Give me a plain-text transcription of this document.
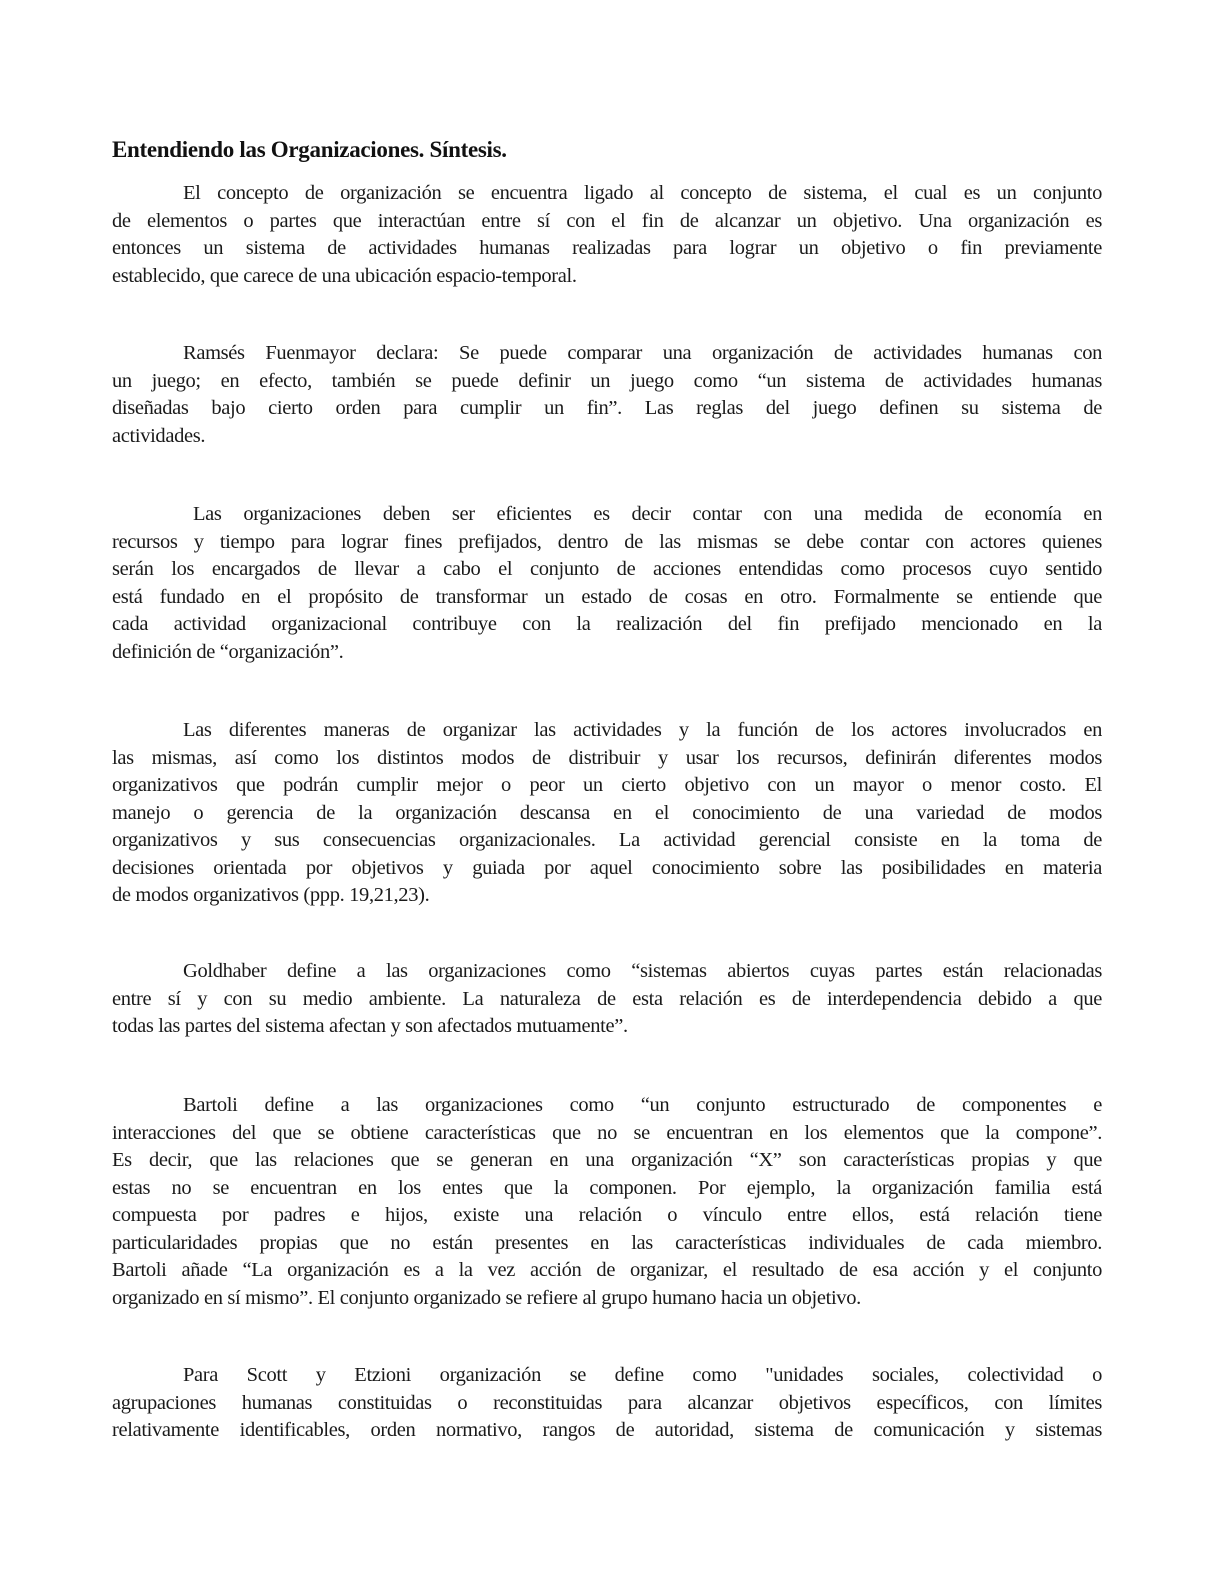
Entendiendo las Organizaciones. Síntesis.
El concepto de organización se encuentra ligado al concepto de sistema, el cual es un conjunto
de elementos o partes que interactúan entre sí con el fin de alcanzar un objetivo. Una organización es
entonces un sistema de actividades humanas realizadas para lograr un objetivo o fin previamente
establecido, que carece de una ubicación espacio-temporal.
Ramsés Fuenmayor declara: Se puede comparar una organización de actividades humanas con
un juego; en efecto, también se puede definir un juego como “un sistema de actividades humanas
diseñadas bajo cierto orden para cumplir un fin”. Las reglas del juego definen su sistema de
actividades.
Las organizaciones deben ser eficientes es decir contar con una medida de economía en
recursos y tiempo para lograr fines prefijados, dentro de las mismas se debe contar con actores quienes
serán los encargados de llevar a cabo el conjunto de acciones entendidas como procesos cuyo sentido
está fundado en el propósito de transformar un estado de cosas en otro. Formalmente se entiende que
cada actividad organizacional contribuye con la realización del fin prefijado mencionado en la
definición de “organización”.
Las diferentes maneras de organizar las actividades y la función de los actores involucrados en
las mismas, así como los distintos modos de distribuir y usar los recursos, definirán diferentes modos
organizativos que podrán cumplir mejor o peor un cierto objetivo con un mayor o menor costo. El
manejo o gerencia de la organización descansa en el conocimiento de una variedad de modos
organizativos y sus consecuencias organizacionales. La actividad gerencial consiste en la toma de
decisiones orientada por objetivos y guiada por aquel conocimiento sobre las posibilidades en materia
de modos organizativos (ppp. 19,21,23).
Goldhaber define a las organizaciones como “sistemas abiertos cuyas partes están relacionadas
entre sí y con su medio ambiente. La naturaleza de esta relación es de interdependencia debido a que
todas las partes del sistema afectan y son afectados mutuamente”.
Bartoli define a las organizaciones como “un conjunto estructurado de componentes e
interacciones del que se obtiene características que no se encuentran en los elementos que la compone”.
Es decir, que las relaciones que se generan en una organización “X” son características propias y que
estas no se encuentran en los entes que la componen. Por ejemplo, la organización familia está
compuesta por padres e hijos, existe una relación o vínculo entre ellos, está relación tiene
particularidades propias que no están presentes en las características individuales de cada miembro.
Bartoli añade “La organización es a la vez acción de organizar, el resultado de esa acción y el conjunto
organizado en sí mismo”. El conjunto organizado se refiere al grupo humano hacia un objetivo.
Para Scott y Etzioni organización se define como "unidades sociales, colectividad o
agrupaciones humanas constituidas o reconstituidas para alcanzar objetivos específicos, con límites
relativamente identificables, orden normativo, rangos de autoridad, sistema de comunicación y sistemas
